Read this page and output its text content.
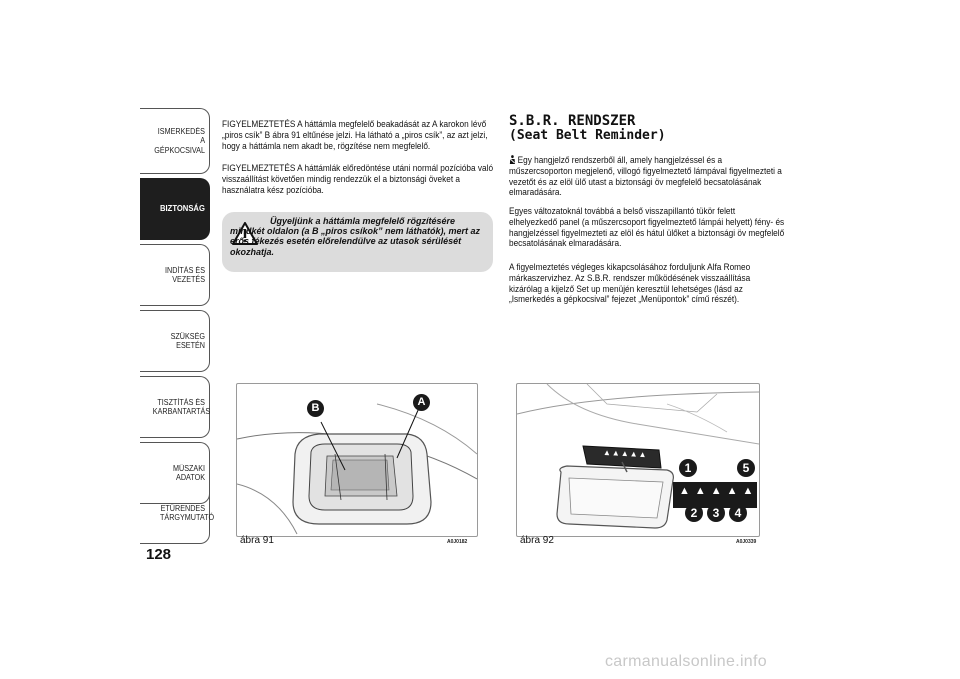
ISMERKEDÉS A GÉPKOCSIVAL
BIZTONSÁG
INDÍTÁS ÉS VEZETÉS
SZÜKSÉG ESETÉN
TISZTÍTÁS ÉS KARBANTARTÁS
MŰSZAKI ADATOK
ETŰRENDES TÁRGYMUTATÓ
128
FIGYELMEZTETÉS A háttámla megfelelő beakadását az A karokon lévő „piros csík” B ábra 91 eltűnése jelzi. Ha látható a „piros csík”, az azt jelzi, hogy a háttámla nem akadt be, rögzítése nem megfelelő.
FIGYELMEZTETÉS A háttámlák előredöntése utáni normál pozícióba való visszaállítást követően mindig rendezzük el a biztonsági öveket a használatra kész pozícióba.
Ügyeljünk a háttámla megfelelő rögzítésére mindkét oldalon (a B „piros csíkok” nem láthatók), mert az erős fékezés esetén előrelendülve az utasok sérülését okozhatja.
S.B.R. RENDSZER
(Seat Belt Reminder)
Egy hangjelző rendszerből áll, amely hangjelzéssel és a műszercsoporton megjelenő, villogó figyelmeztető lámpával figyelmezteti a vezetőt és az elöl ülő utast a biztonsági öv megfelelő becsatolásának elmaradására.
Egyes változatoknál továbbá a belső visszapillantó tükör felett elhelyezkedő panel (a műszercsoport figyelmeztető lámpái helyett) fény- és hangjelzéssel figyelmezteti az elöl és hátul ülőket a biztonsági öv megfelelő becsatolásának elmaradására.
A figyelmeztetés végleges kikapcsolásához forduljunk Alfa Romeo márkaszervizhez. Az S.B.R. rendszer működésének visszaállítása kizárólag a kijelző Set up menüjén keresztül lehetséges (lásd az „Ismerkedés a gépkocsival” fejezet „Menüpontok” című részét).
B	A
ábra 91	A0J0182
▲▲▲▲▲
▲▲▲▲▲
1	5
2	3	4
ábra 92	A0J0339
carmanualsonline.info
